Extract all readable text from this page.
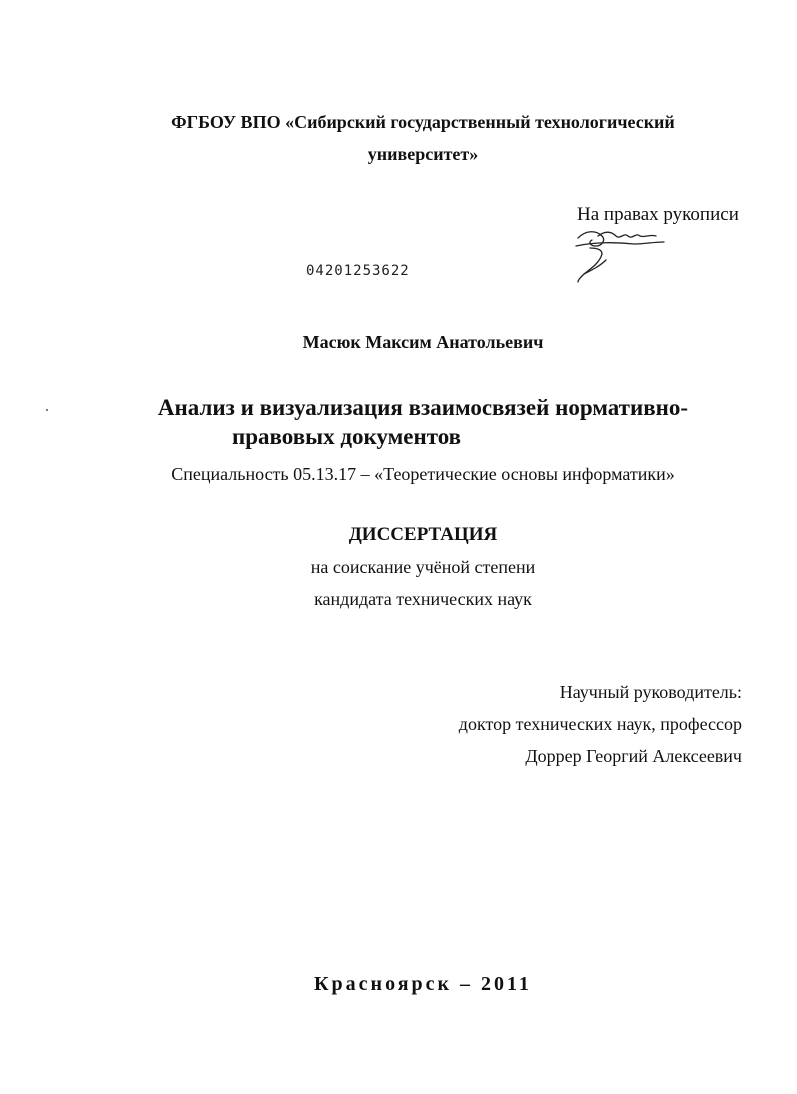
ФГБОУ ВПО «Сибирский государственный технологический
университет»
На правах рукописи
04201253622
Масюк Максим Анатольевич
Анализ и визуализация взаимосвязей нормативно-
правовых документов
Специальность 05.13.17 – «Теоретические основы информатики»
ДИССЕРТАЦИЯ
на соискание учёной степени
кандидата технических наук
Научный руководитель:
доктор технических наук, профессор
Доррер Георгий Алексеевич
Красноярск – 2011
